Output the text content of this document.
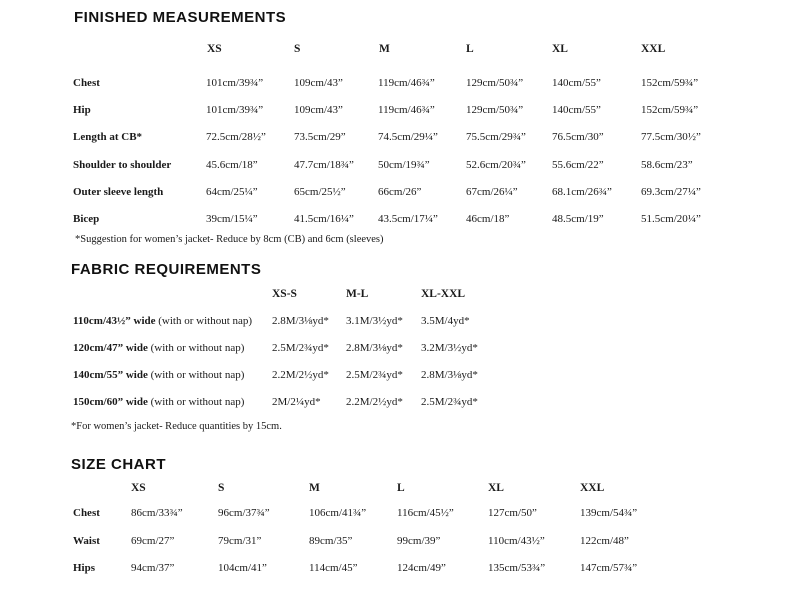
FINISHED MEASUREMENTS
XS	S	M	L	XL	XXL
Chest	101cm/39¾”	109cm/43”	119cm/46¾”	129cm/50¾”	140cm/55”	152cm/59¾”
Hip	101cm/39¾”	109cm/43”	119cm/46¾”	129cm/50¾”	140cm/55”	152cm/59¾”
Length at CB*	72.5cm/28½”	73.5cm/29”	74.5cm/29¼”	75.5cm/29¾” 76.5cm/30”	77.5cm/30½”
Shoulder to shoulder	45.6cm/18”	47.7cm/18¾” 50cm/19¾”	52.6cm/20¾” 55.6cm/22”	58.6cm/23”
Outer sleeve length	64cm/25¼”	65cm/25½”	66cm/26”	67cm/26¼”	68.1cm/26¾”	69.3cm/27¼”
Bicep	39cm/15¼”	41.5cm/16¼” 43.5cm/17¼”	46cm/18”	48.5cm/19”	51.5cm/20¼”
*Suggestion for women’s jacket- Reduce by 8cm (CB) and 6cm (sleeves)
FABRIC REQUIREMENTS
XS-S	M-L	XL-XXL
110cm/43½” wide (with or without nap) 2.8M/3⅛yd* 3.1M/3½yd* 3.5M/4yd*
120cm/47” wide (with or without nap)	2.5M/2¾yd* 2.8M/3⅛yd* 3.2M/3½yd*
140cm/55” wide (with or without nap)	2.2M/2½yd* 2.5M/2¾yd* 2.8M/3⅛yd*
150cm/60” wide (with or without nap)	2M/2¼yd* 2.2M/2½yd* 2.5M/2¾yd*
*For women’s jacket- Reduce quantities by 15cm.
SIZE CHART
XS	S	M	L	XL	XXL
Chest	86cm/33¾”	96cm/37¾”	106cm/41¾”	116cm/45½”	127cm/50”	139cm/54¾”
Waist	69cm/27”	79cm/31”	89cm/35”	99cm/39”	110cm/43½”	122cm/48”
Hips	94cm/37”	104cm/41”	114cm/45”	124cm/49”	135cm/53¾”	147cm/57¾”
